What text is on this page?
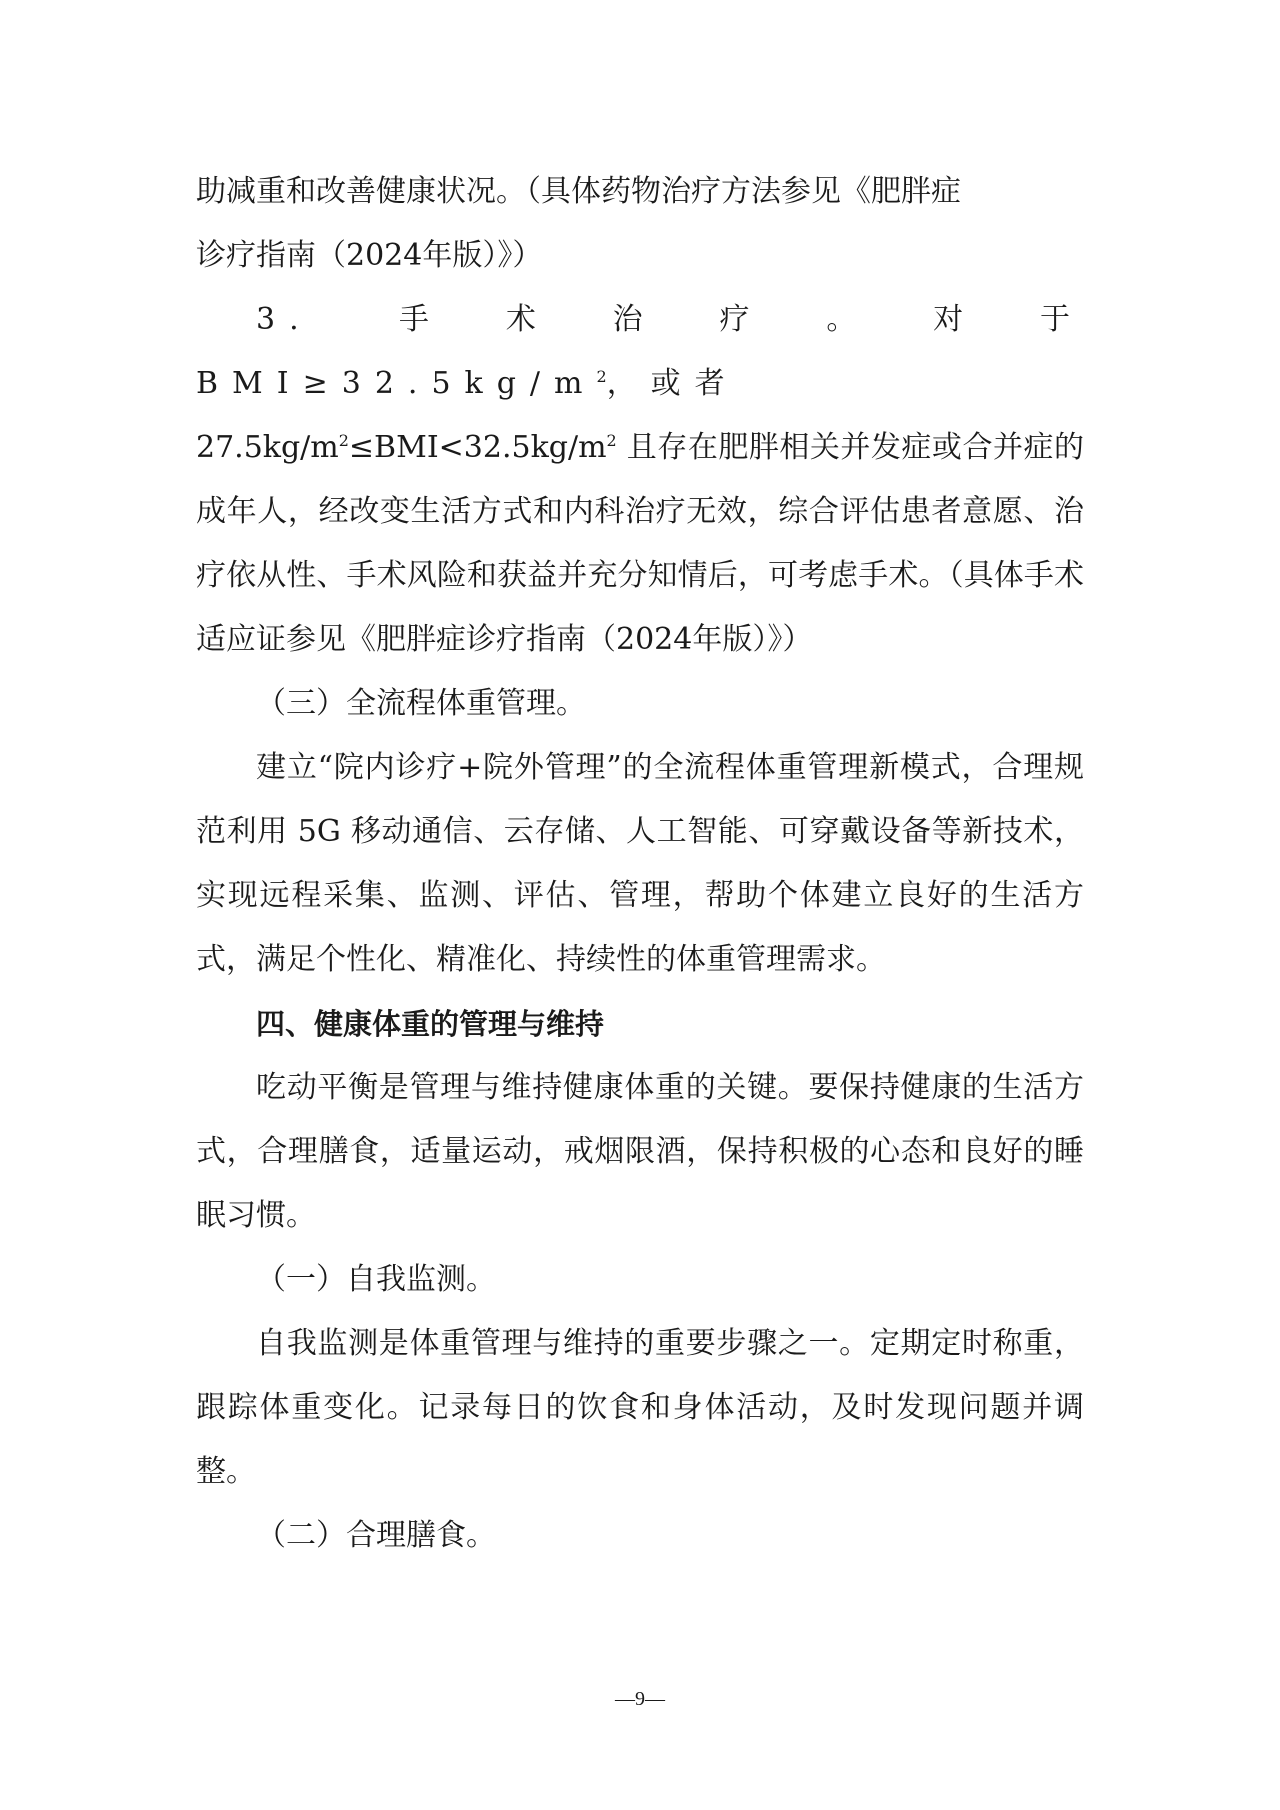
助减重和改善健康状况。（具体药物治疗方法参见《肥胖症
诊疗指南（2024年版）》）

3. 手术治疗。对于 $BMI\ge 32.5kg/m^2$，或者
$27.5kg/m^2\le BMI<32.5kg/m^2$ 且存在肥胖相关并发症或合并症的成年人，经改变生活方式和内科治疗无效，综合评估患者意愿、治疗依从性、手术风险和获益并充分知情后，可考虑手术。（具体手术适应证参见《肥胖症诊疗指南（2024年版）》）

（三）全流程体重管理。

建立“院内诊疗+院外管理”的全流程体重管理新模式，合理规范利用 5G 移动通信、云存储、人工智能、可穿戴设备等新技术，实现远程采集、监测、评估、管理，帮助个体建立良好的生活方式，满足个性化、精准化、持续性的体重管理需求。

四、健康体重的管理与维持

吃动平衡是管理与维持健康体重的关键。要保持健康的生活方式，合理膳食，适量运动，戒烟限酒，保持积极的心态和良好的睡眠习惯。

（一）自我监测。

自我监测是体重管理与维持的重要步骤之一。定期定时称重，跟踪体重变化。记录每日的饮食和身体活动，及时发现问题并调整。

（二）合理膳食。

—9—
